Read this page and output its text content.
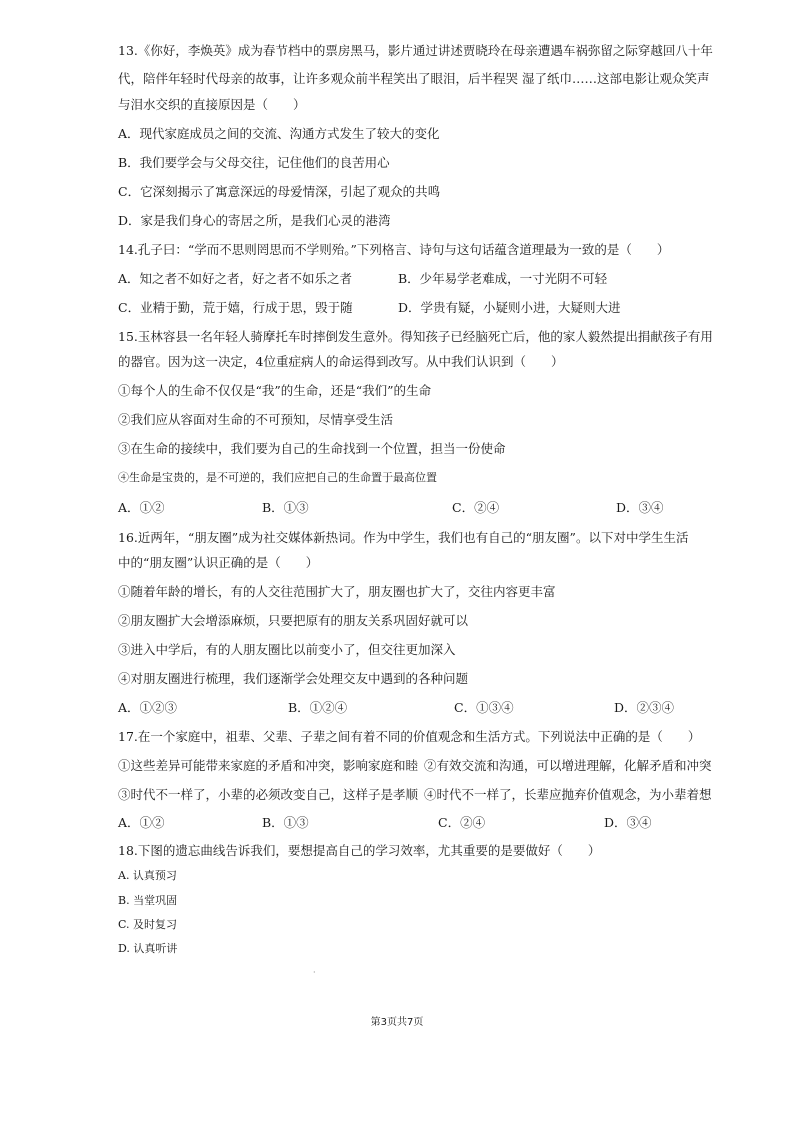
13.《你好，李焕英》成为春节档中的票房黑马，影片通过讲述贾晓玲在母亲遭遇车祸弥留之际穿越回八十年
代，陪伴年轻时代母亲的故事，让许多观众前半程笑出了眼泪，后半程哭 湿了纸巾……这部电影让观众笑声
与泪水交织的直接原因是（　　）
A．现代家庭成员之间的交流、沟通方式发生了较大的变化
B．我们要学会与父母交往，记住他们的良苦用心
C．它深刻揭示了寓意深远的母爱情深，引起了观众的共鸣
D．家是我们身心的寄居之所，是我们心灵的港湾
14.孔子曰：“学而不思则罔思而不学则殆。”下列格言、诗句与这句话蕴含道理最为一致的是（　　）
A．知之者不如好之者，好之者不如乐之者	B．少年易学老难成，一寸光阴不可轻
C．业精于勤，荒于嬉，行成于思，毁于随	D．学贵有疑，小疑则小进，大疑则大进
15.玉林容县一名年轻人骑摩托车时摔倒发生意外。得知孩子已经脑死亡后，他的家人毅然提出捐献孩子有用
的器官。因为这一决定，4位重症病人的命运得到改写。从中我们认识到（　　）
①每个人的生命不仅仅是“我”的生命，还是“我们”的生命
②我们应从容面对生命的不可预知，尽情享受生活
③在生命的接续中，我们要为自己的生命找到一个位置，担当一份使命
④生命是宝贵的，是不可逆的，我们应把自己的生命置于最高位置
A．①②	B．①③	C．②④	D．③④
16.近两年，“朋友圈”成为社交媒体新热词。作为中学生，我们也有自己的“朋友圈”。以下对中学生生活
中的“朋友圈”认识正确的是（　　）
①随着年龄的增长，有的人交往范围扩大了，朋友圈也扩大了，交往内容更丰富
②朋友圈扩大会增添麻烦，只要把原有的朋友关系巩固好就可以
③进入中学后，有的人朋友圈比以前变小了，但交往更加深入
④对朋友圈进行梳理，我们逐渐学会处理交友中遇到的各种问题
A．①②③	B．①②④	C．①③④	D．②③④
17.在一个家庭中，祖辈、父辈、子辈之间有着不同的价值观念和生活方式。下列说法中正确的是（　　）
①这些差异可能带来家庭的矛盾和冲突，影响家庭和睦 ②有效交流和沟通，可以增进理解，化解矛盾和冲突
③时代不一样了，小辈的必须改变自己，这样子是孝顺 ④时代不一样了，长辈应抛弃价值观念，为小辈着想
A．①②	B．①③	C．②④	D．③④
18.下图的遗忘曲线告诉我们，要想提高自己的学习效率，尤其重要的是要做好（　　）
A. 认真预习
B. 当堂巩固
C. 及时复习
D. 认真听讲
·
第3页共7页
